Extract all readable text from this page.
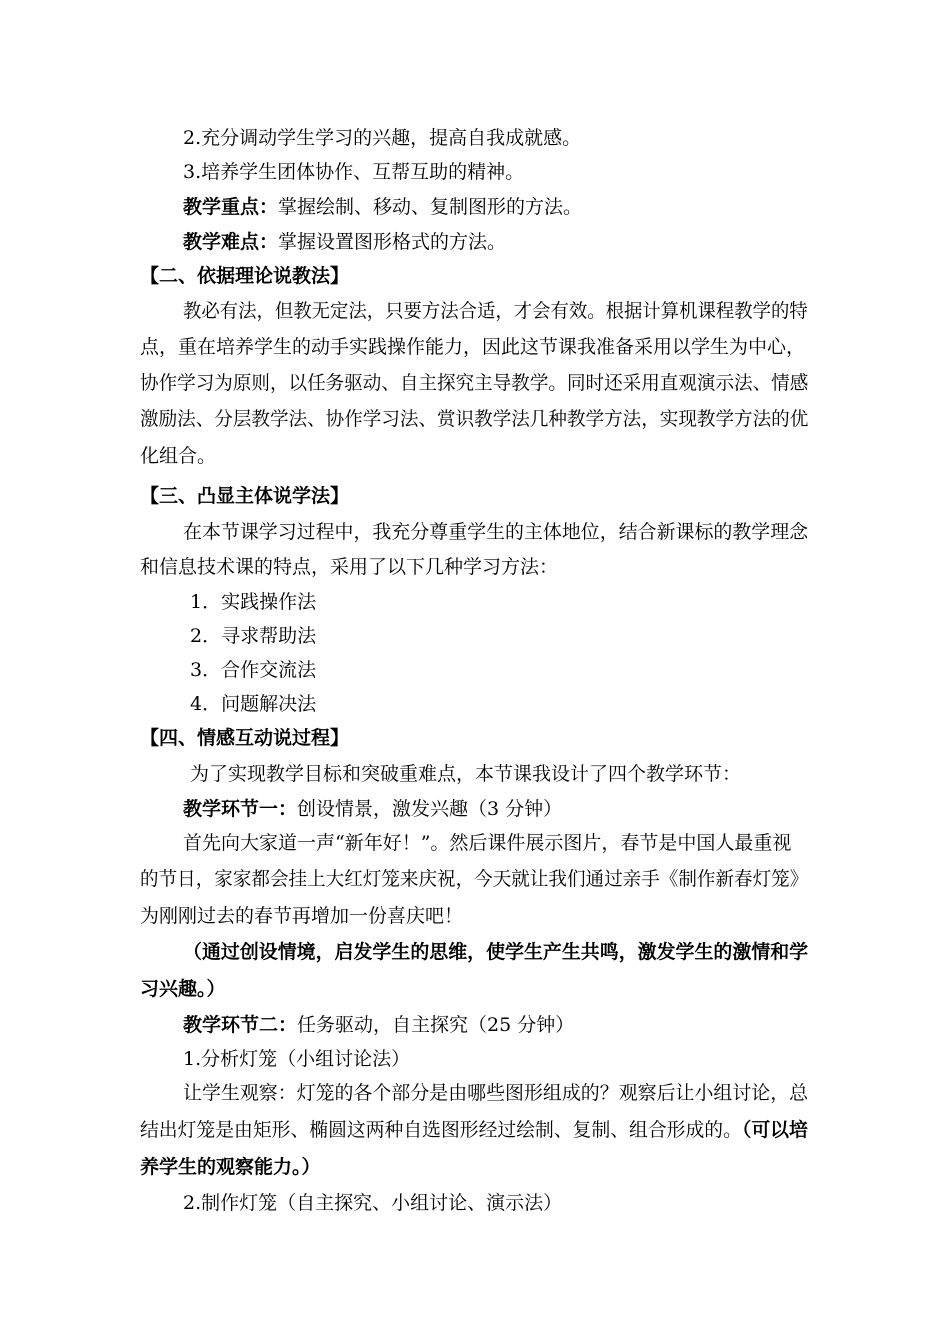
2.充分调动学生学习的兴趣，提高自我成就感。
3.培养学生团体协作、互帮互助的精神。
教学重点：掌握绘制、移动、复制图形的方法。
教学难点：掌握设置图形格式的方法。
【二、依据理论说教法】
教必有法，但教无定法，只要方法合适，才会有效。根据计算机课程教学的特
点，重在培养学生的动手实践操作能力，因此这节课我准备采用以学生为中心，
协作学习为原则，以任务驱动、自主探究主导教学。同时还采用直观演示法、情感
激励法、分层教学法、协作学习法、赏识教学法几种教学方法，实现教学方法的优
化组合。
【三、凸显主体说学法】
在本节课学习过程中，我充分尊重学生的主体地位，结合新课标的教学理念
和信息技术课的特点，采用了以下几种学习方法：
1．实践操作法
2．寻求帮助法
3．合作交流法
4．问题解决法
【四、情感互动说过程】
为了实现教学目标和突破重难点，本节课我设计了四个教学环节：
教学环节一：创设情景，激发兴趣（3 分钟）
首先向大家道一声“新年好！”。然后课件展示图片，春节是中国人最重视
的节日，家家都会挂上大红灯笼来庆祝，今天就让我们通过亲手《制作新春灯笼》
为刚刚过去的春节再增加一份喜庆吧！
（通过创设情境，启发学生的思维，使学生产生共鸣，激发学生的激情和学
习兴趣。）
教学环节二：任务驱动，自主探究（25 分钟）
1.分析灯笼（小组讨论法）
让学生观察：灯笼的各个部分是由哪些图形组成的？观察后让小组讨论，总
结出灯笼是由矩形、椭圆这两种自选图形经过绘制、复制、组合形成的。（可以培
养学生的观察能力。）
2.制作灯笼（自主探究、小组讨论、演示法）
